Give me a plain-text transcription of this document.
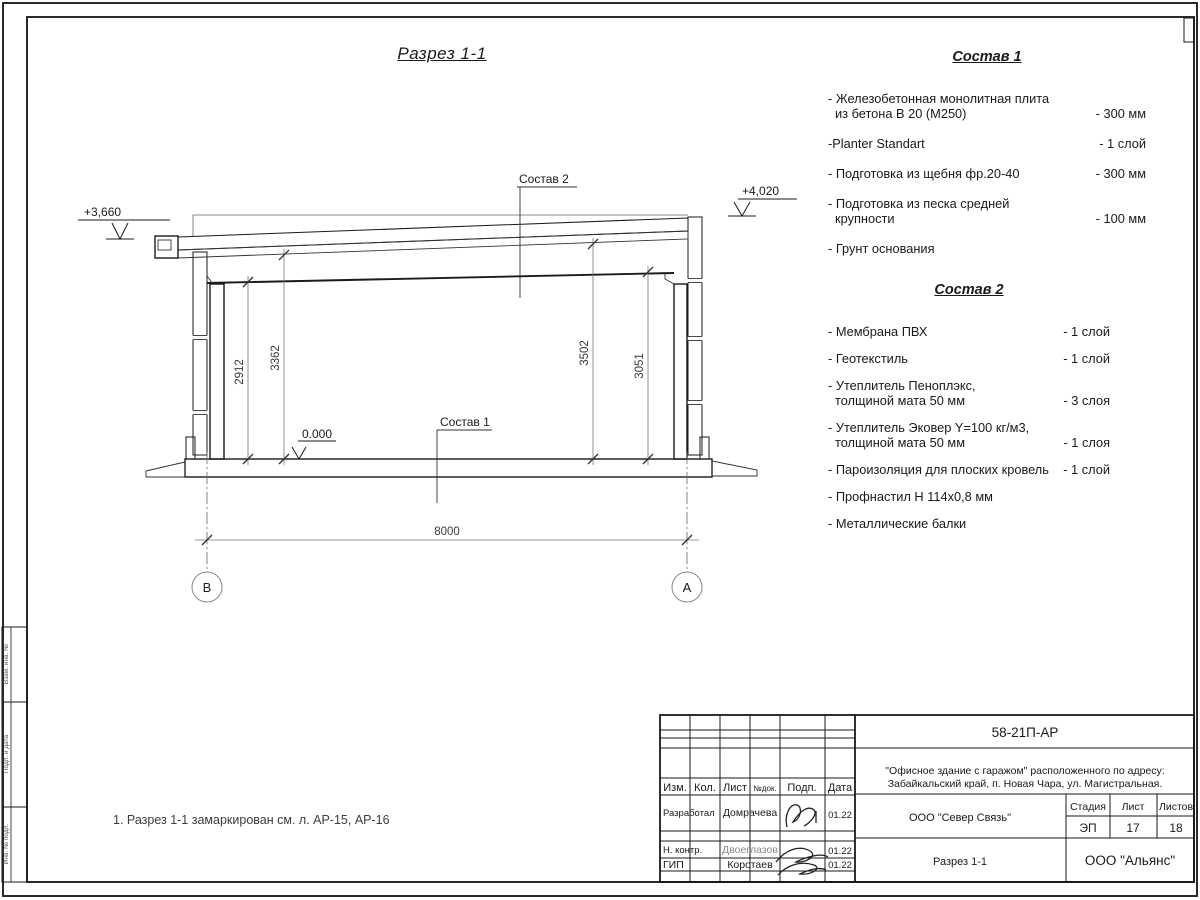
Взам. инв. №
Подп. и дата
Инв. № подл.
В	А
8000
2912
3362	3502
3051
Состав 2
Состав 1
+3,660
+4,020
0.000
Изм. Кол. Лист №док. Подп. Дата
Разработал Домрачева	01.22
Н. контр. Двоеглазов	01.22
ГИП	Коротаев	01.22
58-21П-АР
"Офисное здание с гаражом" расположенного по адресу:
Забайкальский край, п. Новая Чара, ул. Магистральная.
ООО "Север Связь"
Стадия Лист Листов
ЭП 17 18
Разрез 1-1	ООО "Альянс"
Разрез 1-1	Состав 1
- Железобетонная монолитная плита
из бетона В 20 (М250)	- 300 мм
-Planter Standart	- 1 слой
- Подготовка из щебня фр.20-40	- 300 мм
- Подготовка из песка средней
крупности	- 100 мм
- Грунт основания
Состав 2
- Мембрана ПВХ	- 1 слой
- Геотекстиль	- 1 слой
- Утеплитель Пеноплэкс,
толщиной мата 50 мм	- 3 слоя
- Утеплитель Эковер Y=100 кг/м3,
толщиной мата 50 мм	- 1 слоя
- Пароизоляция для плоских кровель	- 1 слой
- Профнастил Н 114х0,8 мм
- Металлические балки
1. Разрез 1-1 замаркирован см. л. АР-15, АР-16
